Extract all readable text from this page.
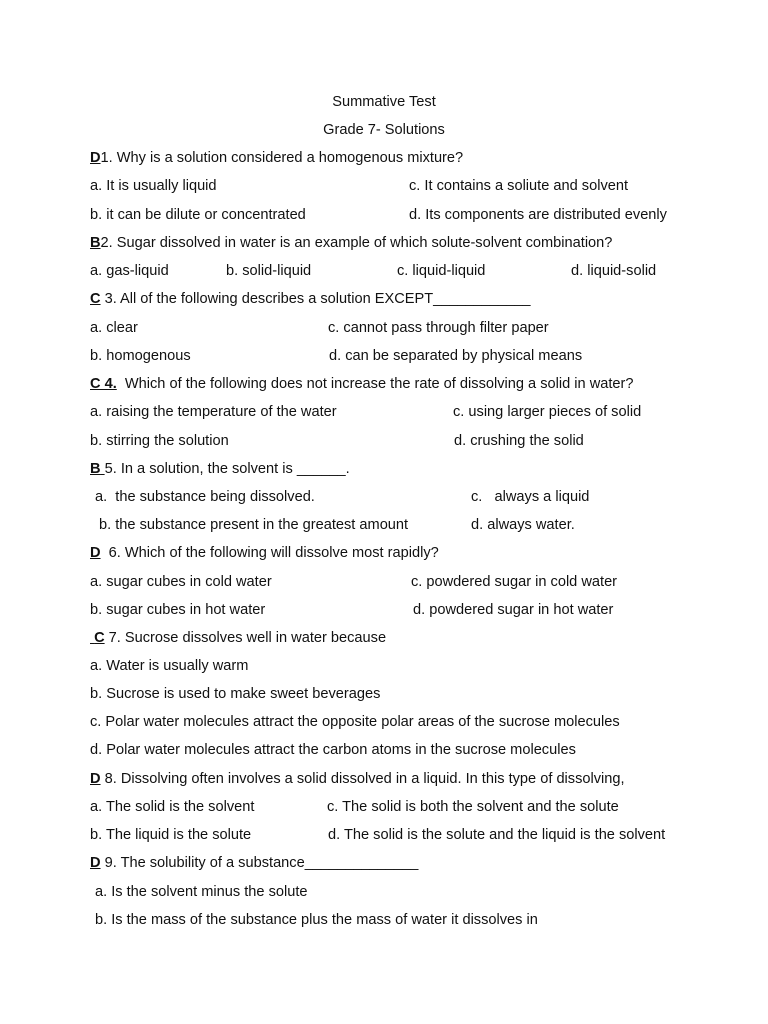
Summative Test
Grade 7- Solutions
D1. Why is a solution considered a homogenous mixture?
a. It is usually liquid	c. It contains a soliute and solvent
b. it can be dilute or concentrated	d. Its components are distributed evenly
B2. Sugar dissolved in water is an example of which solute-solvent combination?
a. gas-liquid	b. solid-liquid	c. liquid-liquid	d. liquid-solid
C 3. All of the following describes a solution EXCEPT____________
a. clear	c. cannot pass through filter paper
b. homogenous	d. can be separated by physical means
C 4.  Which of the following does not increase the rate of dissolving a solid in water?
a. raising the temperature of the water	c. using larger pieces of solid
b. stirring the solution	d. crushing the solid
B 5. In a solution, the solvent is ______.
a.  the substance being dissolved.	c.   always a liquid
b. the substance present in the greatest amount	d. always water.
D  6. Which of the following will dissolve most rapidly?
a. sugar cubes in cold water	c. powdered sugar in cold water
b. sugar cubes in hot water	d. powdered sugar in hot water
C 7. Sucrose dissolves well in water because
a. Water is usually warm
b. Sucrose is used to make sweet beverages
c. Polar water molecules attract the opposite polar areas of the sucrose molecules
d. Polar water molecules attract the carbon atoms in the sucrose molecules
D 8. Dissolving often involves a solid dissolved in a liquid. In this type of dissolving,
a. The solid is the solvent	c. The solid is both the solvent and the solute
b. The liquid is the solute	d. The solid is the solute and the liquid is the solvent
D 9. The solubility of a substance______________
a. Is the solvent minus the solute
b. Is the mass of the substance plus the mass of water it dissolves in
